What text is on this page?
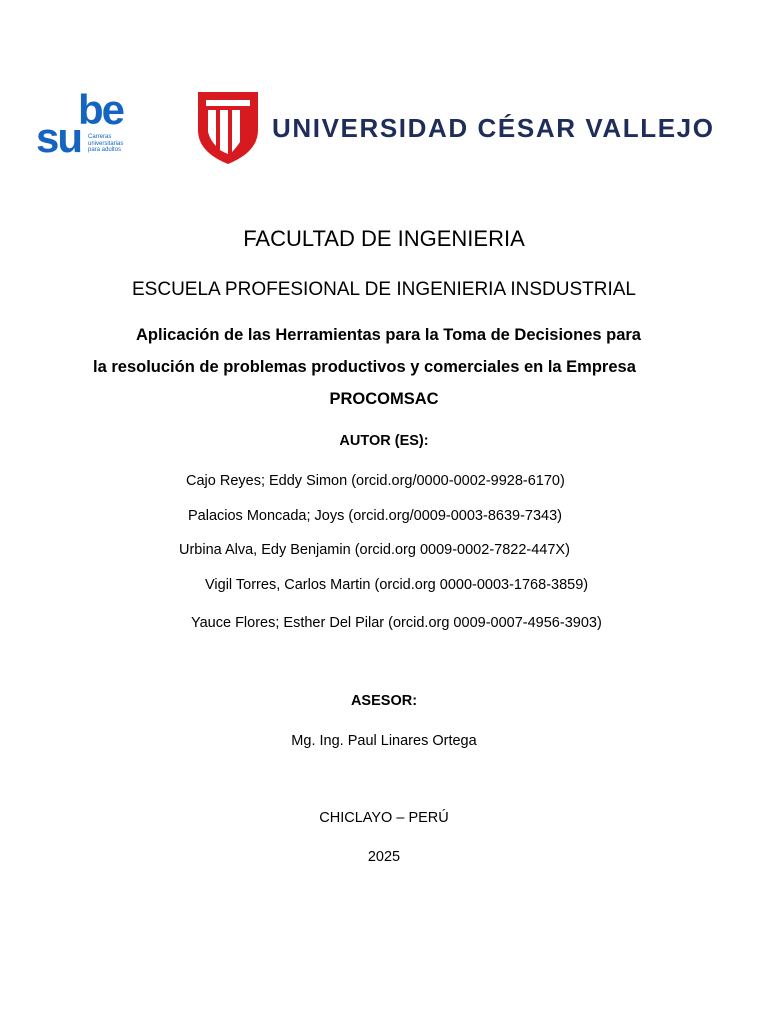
be
su Carreras
universitarias
para adultos
UNIVERSIDAD CÉSAR VALLEJO
FACULTAD DE INGENIERIA
ESCUELA PROFESIONAL DE INGENIERIA INSDUSTRIAL
Aplicación de las Herramientas para la Toma de Decisiones para
la resolución de problemas productivos y comerciales en la Empresa
PROCOMSAC
AUTOR (ES):
Cajo Reyes; Eddy Simon (orcid.org/0000-0002-9928-6170)
Palacios Moncada; Joys (orcid.org/0009-0003-8639-7343)
Urbina Alva, Edy Benjamin (orcid.org 0009-0002-7822-447X)
Vigil Torres, Carlos Martin (orcid.org 0000-0003-1768-3859)
Yauce Flores; Esther Del Pilar (orcid.org 0009-0007-4956-3903)
ASESOR:
Mg. Ing. Paul Linares Ortega
CHICLAYO – PERÚ
2025
